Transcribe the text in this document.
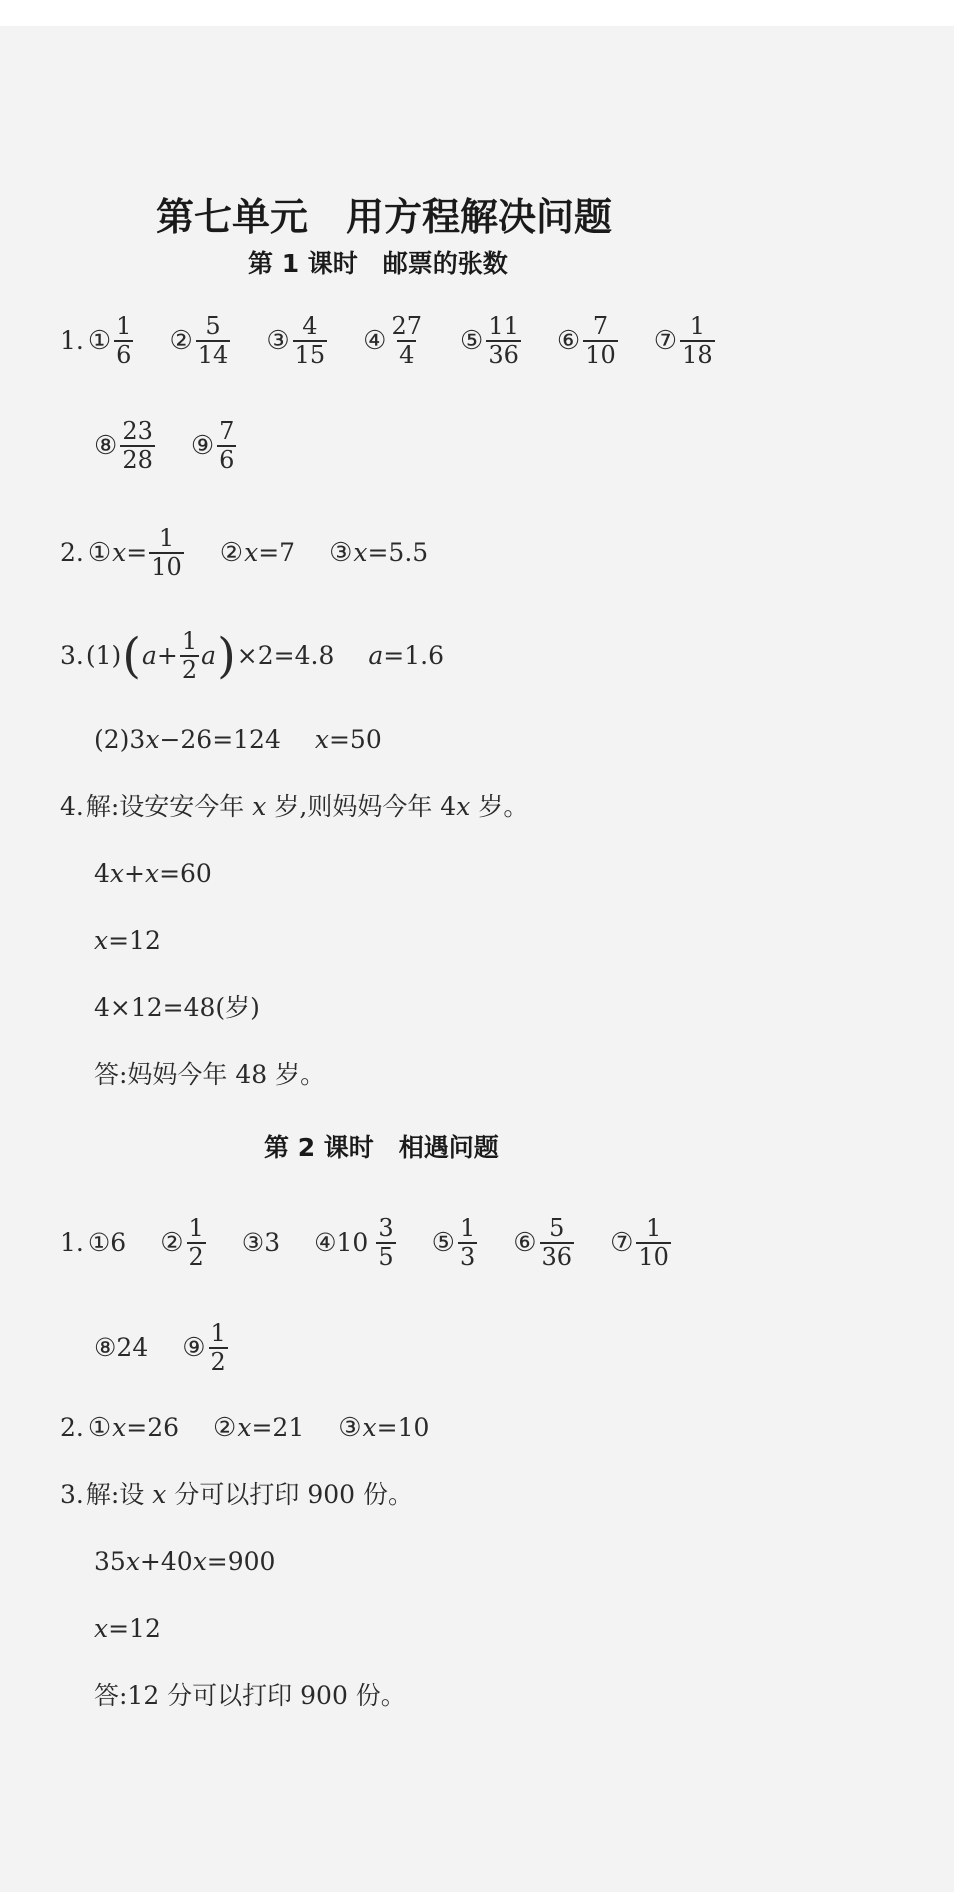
第七单元　用方程解决问题
第 1 课时　邮票的张数
1. ① $\frac{1}{6}$ ② $\frac{5}{14}$ ③ $\frac{4}{15}$ ④ $\frac{27}{4}$ ⑤ $\frac{11}{36}$ ⑥ $\frac{7}{10}$ ⑦ $\frac{1}{18}$
⑧ $\frac{23}{28}$ ⑨ $\frac{7}{6}$
2. ① $x = \frac{1}{10}$ ② x =7 ③ x =5.5
3. (1) ( $a + \frac{1}{2}$ a ) ×2=4.8 a =1.6
(2)3 x −26=124 x =50
4. 解:设安安今年 x 岁,则妈妈今年 4 x 岁。
4 x + x =60
x =12
4×12=48(岁)
答:妈妈今年 48 岁。
第 2 课时　相遇问题
1. ①6 ② $\frac{1}{2}$ ③3 ④10 $\frac{3}{5}$ ⑤ $\frac{1}{3}$ ⑥ $\frac{5}{36}$ ⑦ $\frac{1}{10}$
⑧24 ⑨ $\frac{1}{2}$
2. ① x =26 ② x =21 ③ x =10
3. 解:设 x 分可以打印 900 份。
35 x +40 x =900
x =12
答:12 分可以打印 900 份。
